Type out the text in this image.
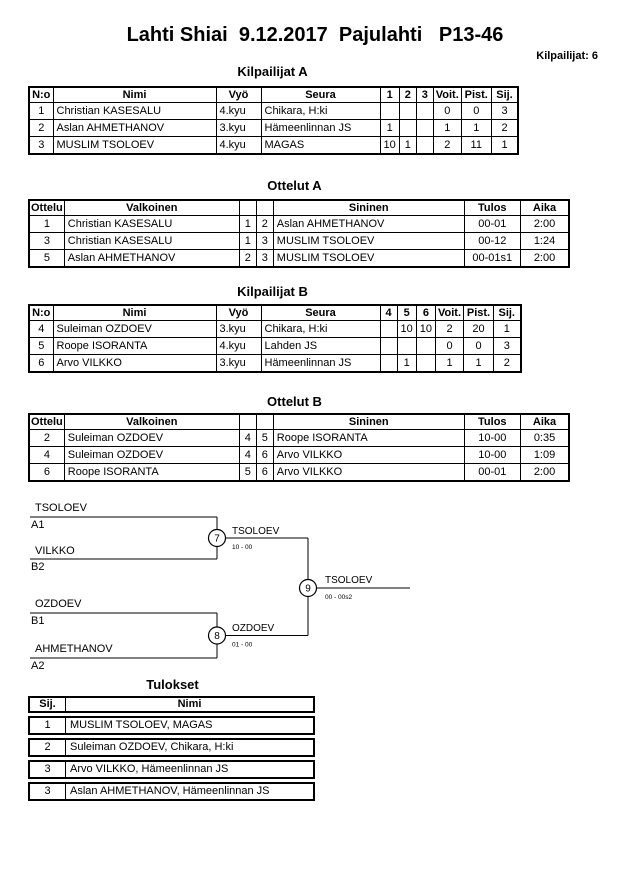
Lahti Shiai  9.12.2017  Pajulahti   P13-46
Kilpailijat: 6
Kilpailijat A
N:o	Nimi	Vyö	Seura	1	2	3	Voit.	Pist.	Sij.
1	Christian KASESALU	4.kyu	Chikara, H:ki				0	0	3
2	Aslan AHMETHANOV	3.kyu	Hämeenlinnan JS	1			1	1	2
3	MUSLIM TSOLOEV	4.kyu	MAGAS	10	1		2	11	1
Ottelut A
Ottelu	Valkoinen			Sininen	Tulos	Aika
1	Christian KASESALU	1	2	Aslan AHMETHANOV	00-01	2:00
3	Christian KASESALU	1	3	MUSLIM TSOLOEV	00-12	1:24
5	Aslan AHMETHANOV	2	3	MUSLIM TSOLOEV	00-01s1	2:00
Kilpailijat B
N:o	Nimi	Vyö	Seura	4	5	6	Voit.	Pist.	Sij.
4	Suleiman OZDOEV	3.kyu	Chikara, H:ki		10	10	2	20	1
5	Roope ISORANTA	4.kyu	Lahden JS				0	0	3
6	Arvo VILKKO	3.kyu	Hämeenlinnan JS		1		1	1	2
Ottelut B
Ottelu	Valkoinen			Sininen	Tulos	Aika
2	Suleiman OZDOEV	4	5	Roope ISORANTA	10-00	0:35
4	Suleiman OZDOEV	4	6	Arvo VILKKO	10-00	1:09
6	Roope ISORANTA	5	6	Arvo VILKKO	00-01	2:00
TSOLOEV
A1
VILKKO
B2
7
TSOLOEV
10 - 00
OZDOEV
B1
AHMETHANOV
A2
8
OZDOEV
01 - 00
9
TSOLOEV
00 - 00s2
Tulokset
Sij.	Nimi
1	MUSLIM TSOLOEV, MAGAS
2	Suleiman OZDOEV, Chikara, H:ki
3	Arvo VILKKO, Hämeenlinnan JS
3	Aslan AHMETHANOV, Hämeenlinnan JS
